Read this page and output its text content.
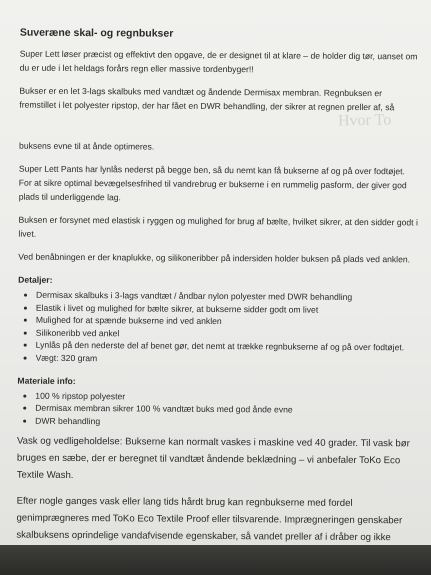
Hvor To
Suveræne skal- og regnbukser

Super Lett løser præcist og effektivt den opgave, de er designet til at klare – de holder dig tør, uanset om du er ude i let heldags forårs regn eller massive tordenbyger!!

Bukser er en let 3-lags skalbuks med vandtæt og åndende Dermisax membran. Regnbuksen er fremstillet i let polyester ripstop, der har fået en DWR behandling, der sikrer at regnen preller af, så

buksens evne til at ånde optimeres.

Super Lett Pants har lynlås nederst på begge ben, så du nemt kan få bukserne af og på over fodtøjet. For at sikre optimal bevægelsesfrihed til vandrebrug er bukserne i en rummelig pasform, der giver god plads til underliggende lag.

Buksen er forsynet med elastisk i ryggen og mulighed for brug af bælte, hvilket sikrer, at den sidder godt i livet.

Ved benåbningen er der knaplukke, og silikoneribber på indersiden holder buksen på plads ved anklen.

Detaljer:
• Dermisax skalbuks i 3-lags vandtæt / åndbar nylon polyester med DWR behandling
• Elastik i livet og mulighed for bælte sikrer, at bukserne sidder godt om livet
• Mulighed for at spænde bukserne ind ved anklen
• Silikoneribb ved ankel
• Lynlås på den nederste del af benet gør, det nemt at trække regnbukserne af og på over fodtøjet.
• Vægt: 320 gram
Materiale info:
• 100 % ripstop polyester
• Dermisax membran sikrer 100 % vandtæt buks med god ånde evne
• DWR behandling

Vask og vedligeholdelse: Bukserne kan normalt vaskes i maskine ved 40 grader. Til vask bør bruges en sæbe, der er beregnet til vandtæt åndende beklædning – vi anbefaler ToKo Eco Textile Wash.

Efter nogle ganges vask eller lang tids hårdt brug kan regnbukserne med fordel genimprægneres med ToKo Eco Textile Proof eller tilsvarende. Imprægneringen genskaber skalbuksens oprindelige vandafvisende egenskaber, så vandet preller af i dråber og ikke
